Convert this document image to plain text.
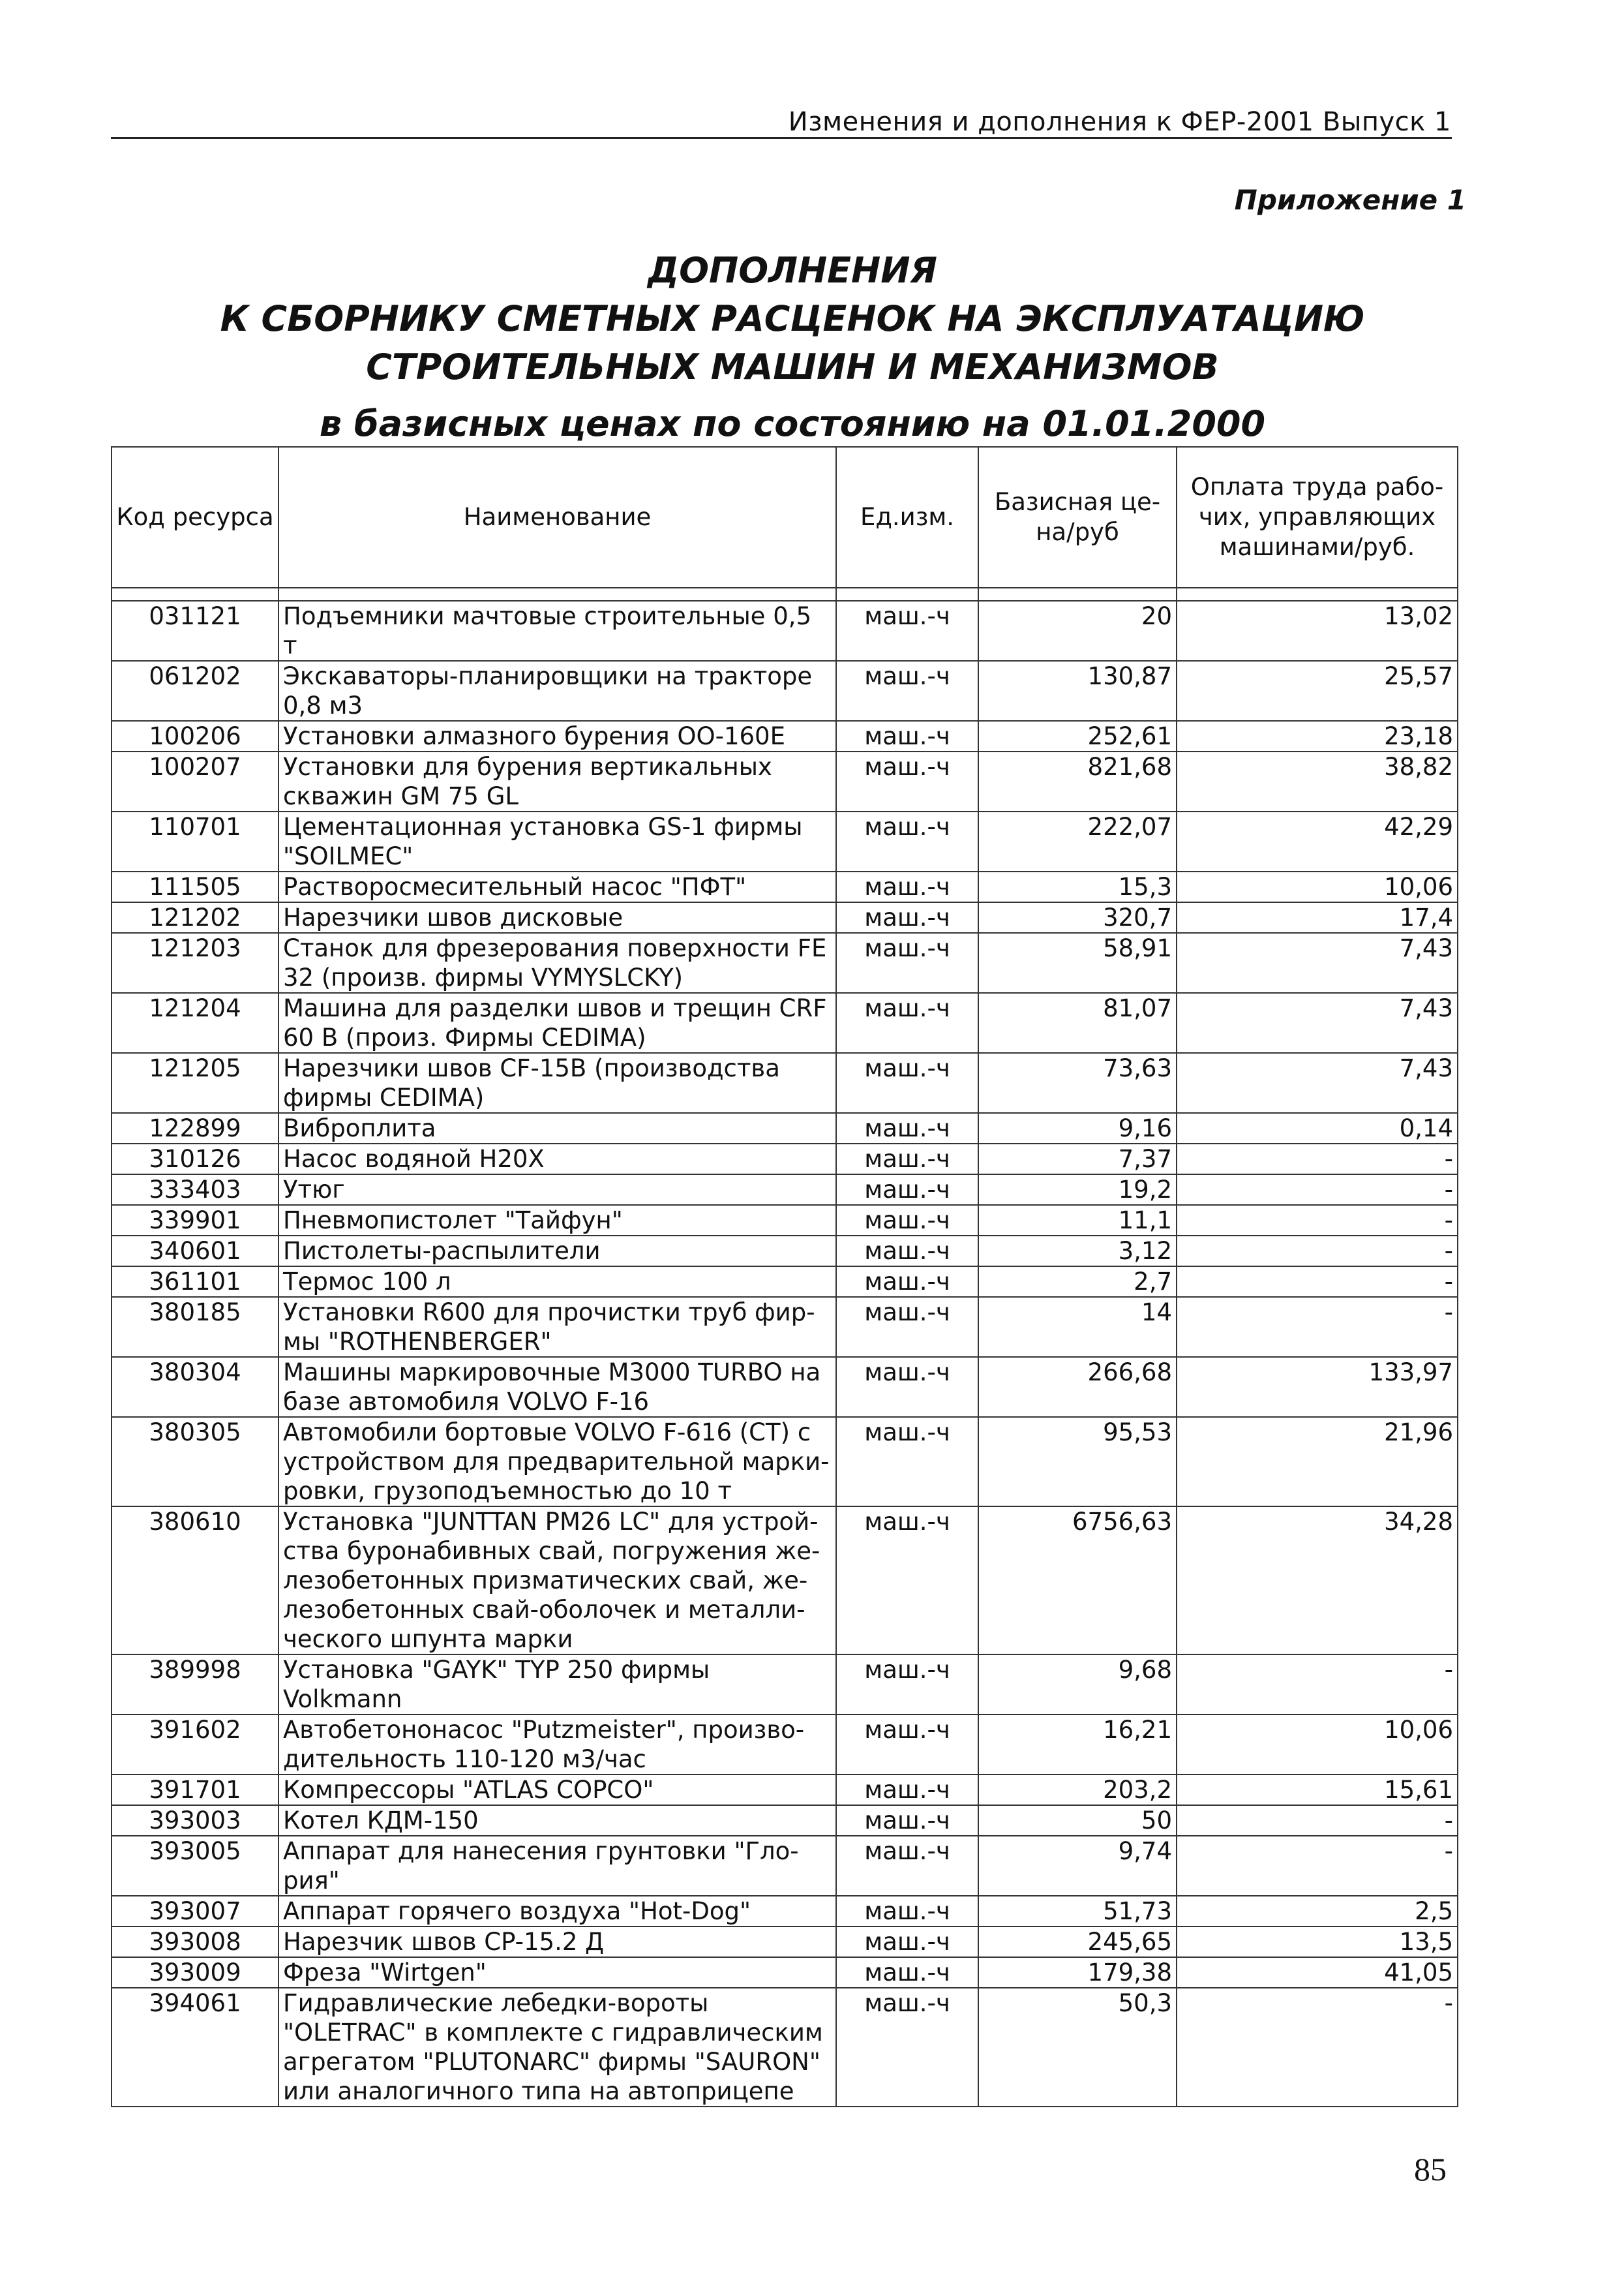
Изменения и дополнения к ФЕР-2001 Выпуск 1
Приложение 1
ДОПОЛНЕНИЯ
К СБОРНИКУ СМЕТНЫХ РАСЦЕНОК НА ЭКСПЛУАТАЦИЮ
СТРОИТЕЛЬНЫХ МАШИН И МЕХАНИЗМОВ
в базисных ценах по состоянию на 01.01.2000
Код ресурса	Наименование	Ед.изм.	Базисная це-на/руб	Оплата труда рабо-чих, управляющих машинами/руб.

031121	Подъемники мачтовые строительные 0,5 т	маш.-ч	20	13,02
061202	Экскаваторы-планировщики на тракторе 0,8 м3	маш.-ч	130,87	25,57
100206	Установки алмазного бурения ОО-160Е	маш.-ч	252,61	23,18
100207	Установки для бурения вертикальных скважин GM 75 GL	маш.-ч	821,68	38,82
110701	Цементационная установка GS-1 фирмы "SOILMEC"	маш.-ч	222,07	42,29
111505	Растворосмесительный насос "ПФТ"	маш.-ч	15,3	10,06
121202	Нарезчики швов дисковые	маш.-ч	320,7	17,4
121203	Станок для фрезерования поверхности FE 32 (произв. фирмы VYMYSLCKY)	маш.-ч	58,91	7,43
121204	Машина для разделки швов и трещин CRF 60 В (произ. Фирмы CEDIMA)	маш.-ч	81,07	7,43
121205	Нарезчики швов CF-15В (производства фирмы CEDIMA)	маш.-ч	73,63	7,43
122899	Виброплита	маш.-ч	9,16	0,14
310126	Насос водяной H20X	маш.-ч	7,37	-
333403	Утюг	маш.-ч	19,2	-
339901	Пневмопистолет "Тайфун"	маш.-ч	11,1	-
340601	Пистолеты-распылители	маш.-ч	3,12	-
361101	Термос 100 л	маш.-ч	2,7	-
380185	Установки R600 для прочистки труб фир-мы "ROTHENBERGER"	маш.-ч	14	-
380304	Машины маркировочные M3000 TURBO на базе автомобиля VOLVO F-16	маш.-ч	266,68	133,97
380305	Автомобили бортовые VOLVO F-616 (CT) с устройством для предварительной марки-ровки, грузоподъемностью до 10 т	маш.-ч	95,53	21,96
380610	Установка "JUNTTAN PM26 LC" для устрой-ства буронабивных свай, погружения же-лезобетонных призматических свай, же-лезобетонных свай-оболочек и металли-ческого шпунта марки	маш.-ч	6756,63	34,28
389998	Установка "GAYK" TYP 250 фирмы Volkmann	маш.-ч	9,68	-
391602	Автобетононасос "Putzmeister", произво-дительность 110-120 м3/час	маш.-ч	16,21	10,06
391701	Компрессоры "ATLAS COPCO"	маш.-ч	203,2	15,61
393003	Котел КДМ-150	маш.-ч	50	-
393005	Аппарат для нанесения грунтовки "Гло-рия"	маш.-ч	9,74	-
393007	Аппарат горячего воздуха "Hot-Dog"	маш.-ч	51,73	2,5
393008	Нарезчик швов CP-15.2 Д	маш.-ч	245,65	13,5
393009	Фреза "Wirtgen"	маш.-ч	179,38	41,05
394061	Гидравлические лебедки-вороты "OLETRAC" в комплекте с гидравлическим агрегатом "PLUTONARC" фирмы "SAURON" или аналогичного типа на автоприцепе	маш.-ч	50,3	-
85
